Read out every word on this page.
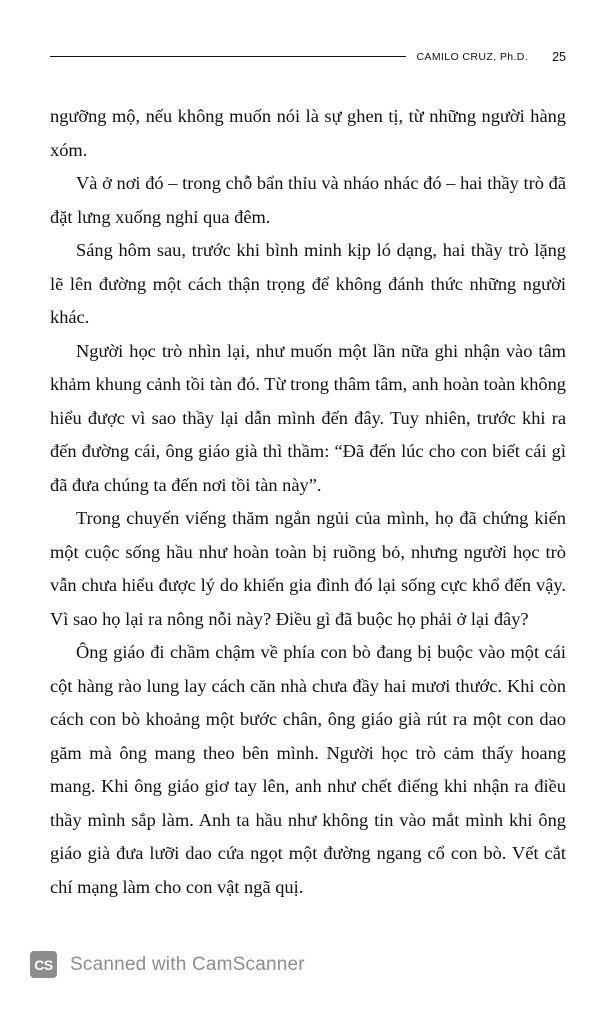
CAMILO CRUZ, Ph.D. 25

ngưỡng mộ, nếu không muốn nói là sự ghen tị, từ những người hàng xóm.

Và ở nơi đó – trong chỗ bẩn thỉu và nháo nhác đó – hai thầy trò đã đặt lưng xuống nghỉ qua đêm.

Sáng hôm sau, trước khi bình minh kịp ló dạng, hai thầy trò lặng lẽ lên đường một cách thận trọng để không đánh thức những người khác.

Người học trò nhìn lại, như muốn một lần nữa ghi nhận vào tâm khảm khung cảnh tồi tàn đó. Từ trong thâm tâm, anh hoàn toàn không hiểu được vì sao thầy lại dẫn mình đến đây. Tuy nhiên, trước khi ra đến đường cái, ông giáo già thì thầm: “Đã đến lúc cho con biết cái gì đã đưa chúng ta đến nơi tồi tàn này”.

Trong chuyến viếng thăm ngắn ngủi của mình, họ đã chứng kiến một cuộc sống hầu như hoàn toàn bị ruồng bỏ, nhưng người học trò vẫn chưa hiểu được lý do khiến gia đình đó lại sống cực khổ đến vậy. Vì sao họ lại ra nông nỗi này? Điều gì đã buộc họ phải ở lại đây?

Ông giáo đi chầm chậm về phía con bò đang bị buộc vào một cái cột hàng rào lung lay cách căn nhà chưa đầy hai mươi thước. Khi còn cách con bò khoảng một bước chân, ông giáo già rút ra một con dao găm mà ông mang theo bên mình. Người học trò cảm thấy hoang mang. Khi ông giáo giơ tay lên, anh như chết điếng khi nhận ra điều thầy mình sắp làm. Anh ta hầu như không tin vào mắt mình khi ông giáo già đưa lưỡi dao cứa ngọt một đường ngang cổ con bò. Vết cắt chí mạng làm cho con vật ngã quị.

CS Scanned with CamScanner
